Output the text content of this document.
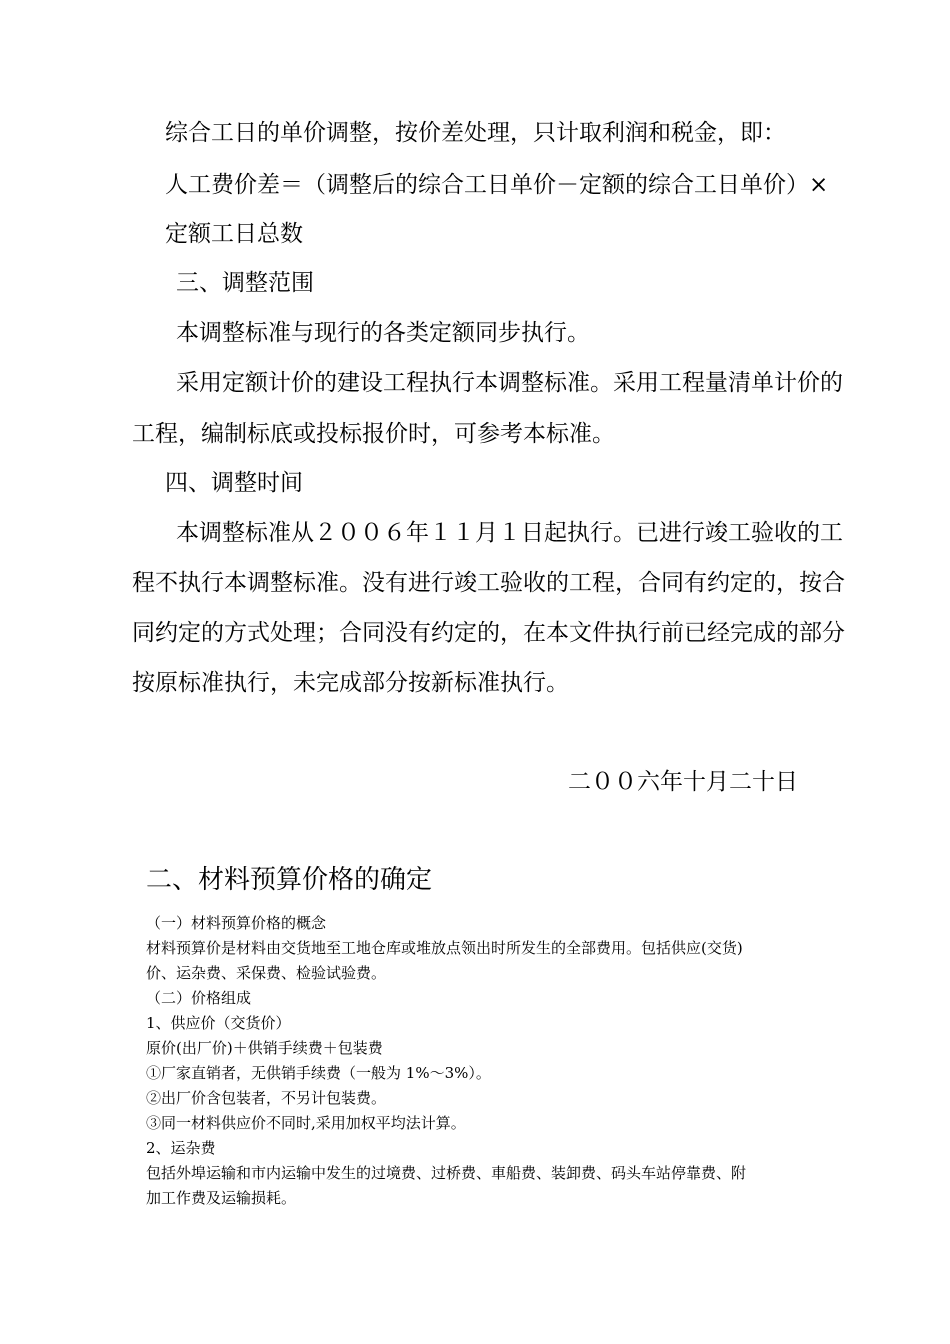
综合工日的单价调整，按价差处理，只计取利润和税金，即：

人工费价差＝（调整后的综合工日单价－定额的综合工日单价）×

定额工日总数

三、调整范围

本调整标准与现行的各类定额同步执行。

采用定额计价的建设工程执行本调整标准。采用工程量清单计价的

工程，编制标底或投标报价时，可参考本标准。

四、调整时间

本调整标准从２００６年１１月１日起执行。已进行竣工验收的工

程不执行本调整标准。没有进行竣工验收的工程，合同有约定的，按合

同约定的方式处理；合同没有约定的，在本文件执行前已经完成的部分

按原标准执行，未完成部分按新标准执行。

二００六年十月二十日

二、材料预算价格的确定

（一）材料预算价格的概念

材料预算价是材料由交货地至工地仓库或堆放点领出时所发生的全部费用。包括供应(交货)

价、运杂费、采保费、检验试验费。

（二）价格组成

1、供应价（交货价）

原价(出厂价)＋供销手续费＋包装费

①厂家直销者，无供销手续费（一般为 1%～3%）。

②出厂价含包装者，不另计包装费。

③同一材料供应价不同时,采用加权平均法计算。

2、运杂费

包括外埠运输和市内运输中发生的过境费、过桥费、車船费、装卸费、码头车站停靠费、附

加工作费及运输损耗。
